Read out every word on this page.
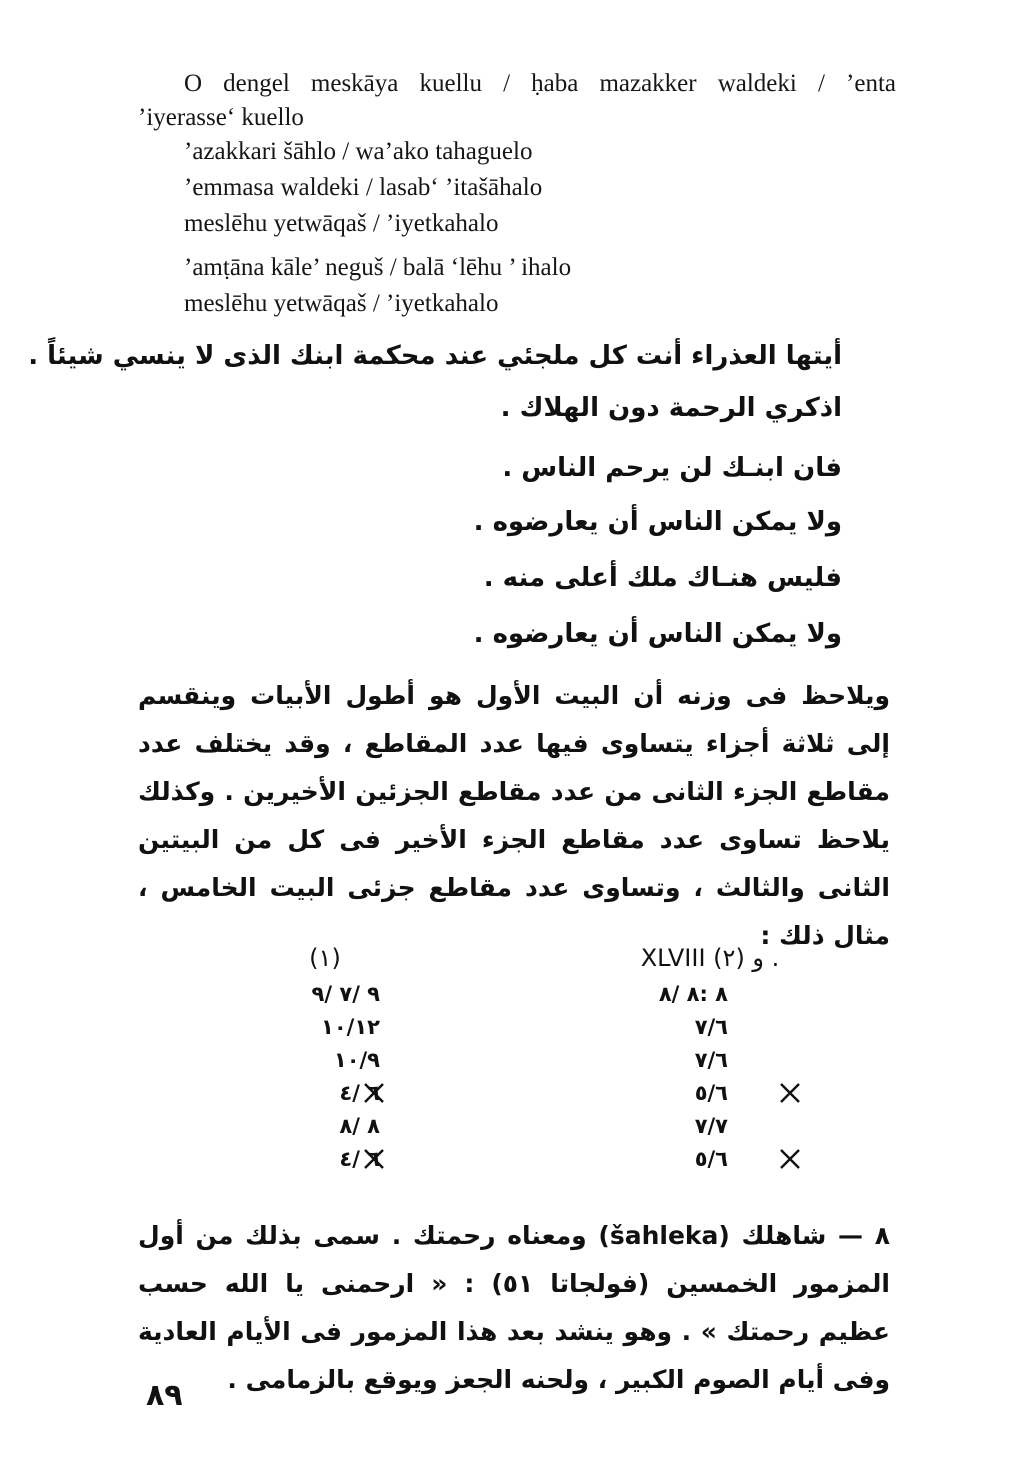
O dengel meskāya kuellu / ḥaba mazakker waldeki / ’enta
’iyerasse‘ kuello
’azakkari šāhlo / wa’ako tahaguelo
’emmasa waldeki / lasab‘ ’itašāhalo
meslēhu yetwāqaš / ’iyetkahalo
’amṭāna kāle’ neguš / balā ‘lēhu ’ ihalo
meslēhu yetwāqaš / ’iyetkahalo
أيتها العذراء أنت كل ملجئي عند محكمة ابنك الذى لا ينسي شيئاً .
اذكري الرحمة دون الهلاك .
فان ابنـك لن يرحم الناس .
ولا يمكن الناس أن يعارضوه .
فليس هنـاك ملك أعلى منه .
ولا يمكن الناس أن يعارضوه .

ويلاحظ فى وزنه أن البيت الأول هو أطول الأبيات وينقسم إلى ثلاثة أجزاء يتساوى فيها عدد المقاطع ، وقد يختلف عدد مقاطع الجزء الثانى من عدد مقاطع الجزئين الأخيرين . وكذلك يلاحظ تساوى عدد مقاطع الجزء الأخير فى كل من البيتين الثانى والثالث ، وتساوى عدد مقاطع جزئى البيت الخامس ، مثال ذلك :

(١)
٩ /٧ /٩
١٠/١٢
١٠/٩
٦ /٤
٨ /٨
٦ /٤
XLVIII و (٢) .
٨ :٨ /٨
٧/٦
٧/٦
٥/٦
٧/٧
٥/٦

٨ — شاهلك (šahleka) ومعناه رحمتك . سمى بذلك من أول المزمور الخمسين (فولجاتا ٥١) : « ارحمنى يا الله حسب عظيم رحمتك » . وهو ينشد بعد هذا المزمور فى الأيام العادية وفى أيام الصوم الكبير ، ولحنه الجعز ويوقع بالزمامى .

٨٩
